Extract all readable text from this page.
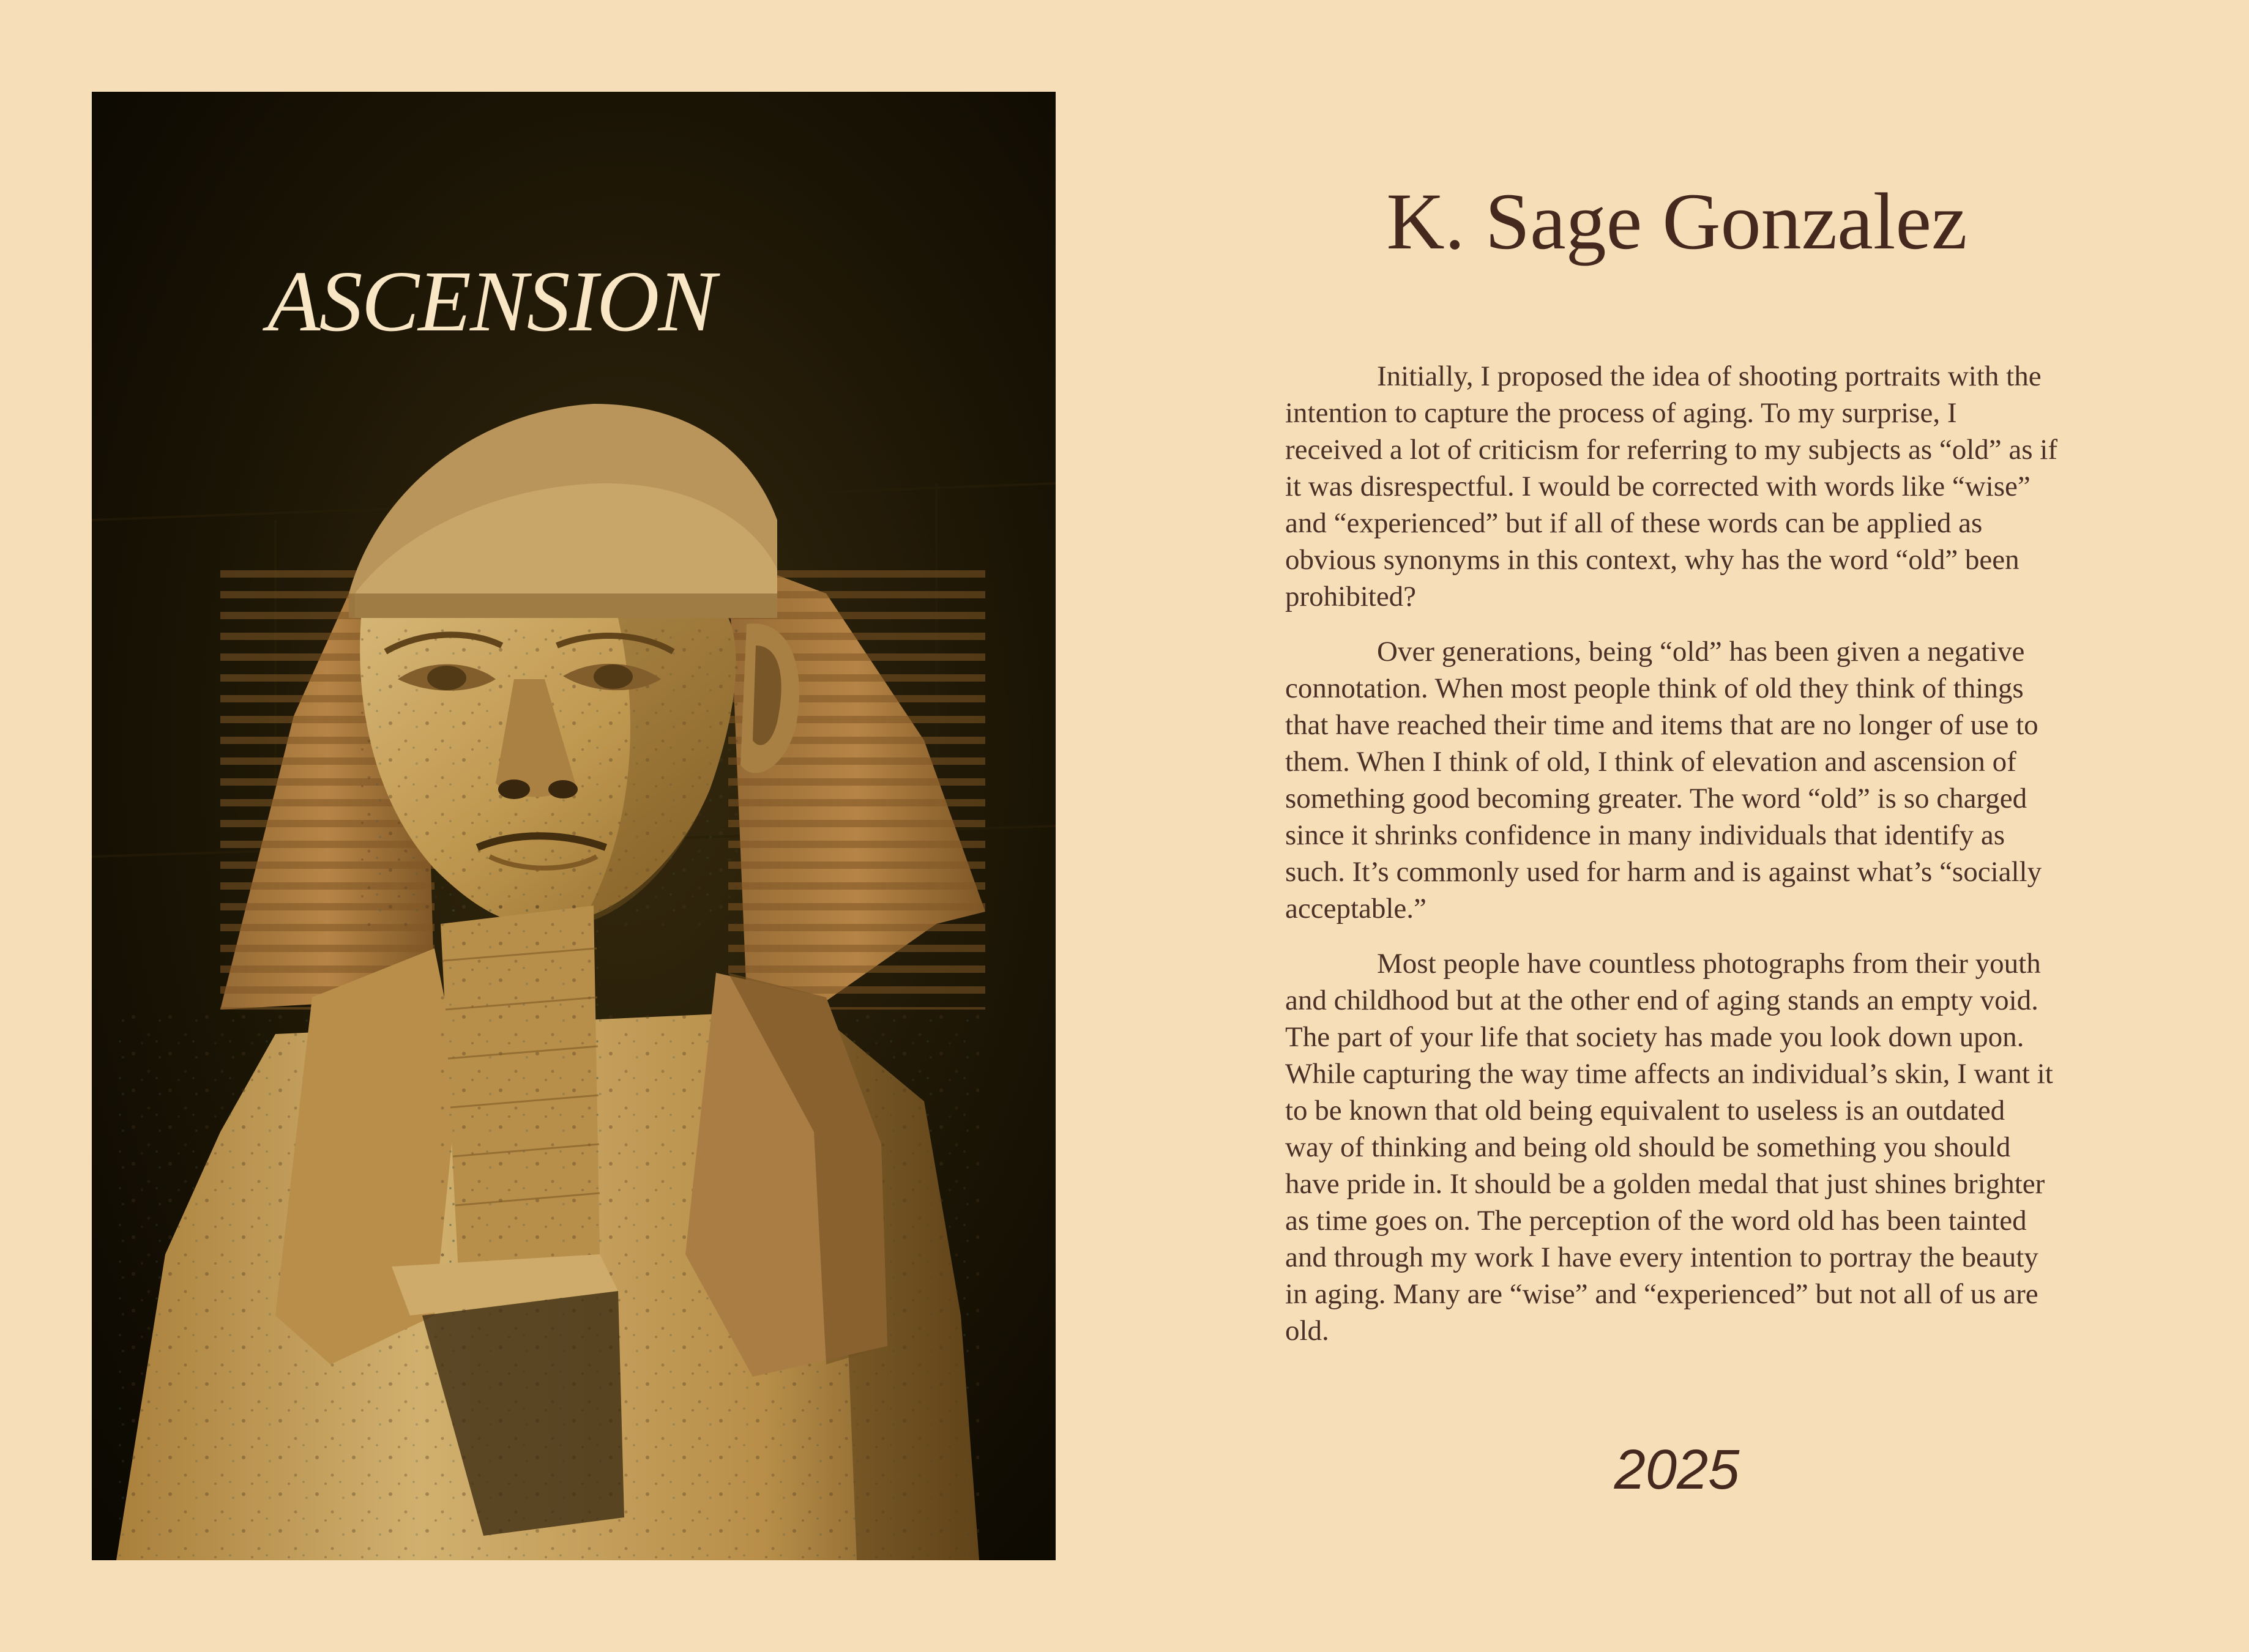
ASCENSION
K. Sage Gonzalez

Initially, I proposed the idea of shooting portraits with the intention to capture the process of aging. To my surprise, I received a lot of criticism for referring to my subjects as “old” as if it was disrespectful. I would be corrected with words like “wise” and “experienced” but if all of these words can be applied as obvious synonyms in this context, why has the word “old” been prohibited?

Over generations, being “old” has been given a negative connotation. When most people think of old they think of things that have reached their time and items that are no longer of use to them. When I think of old, I think of elevation and ascension of something good becoming greater. The word “old” is so charged since it shrinks confidence in many individuals that identify as such. It’s commonly used for harm and is against what’s “socially acceptable.”

Most people have countless photographs from their youth and childhood but at the other end of aging stands an empty void. The part of your life that society has made you look down upon. While capturing the way time affects an individual’s skin, I want it to be known that old being equivalent to useless is an outdated way of thinking and being old should be something you should have pride in. It should be a golden medal that just shines brighter as time goes on. The perception of the word old has been tainted and through my work I have every intention to portray the beauty in aging. Many are “wise” and “experienced” but not all of us are old.

2025
